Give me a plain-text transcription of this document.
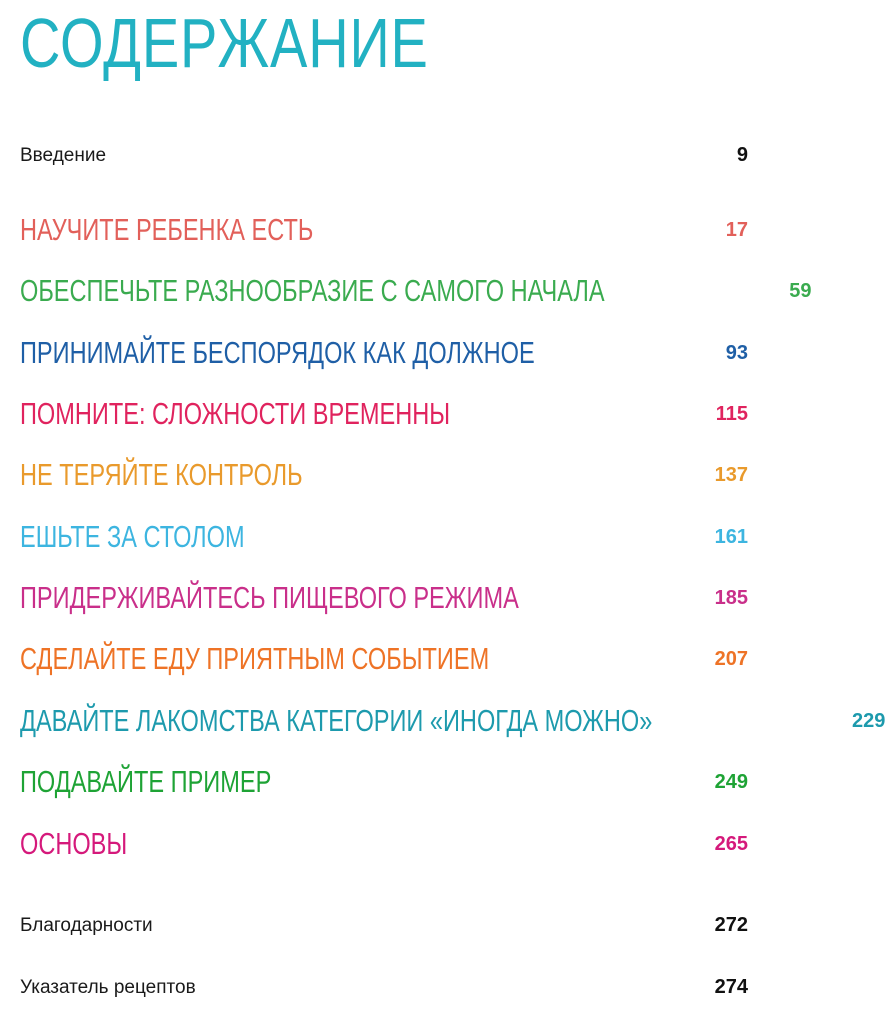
СОДЕРЖАНИЕ
Введение	9
НАУЧИТЕ РЕБЕНКА ЕСТЬ	17
ОБЕСПЕЧЬТЕ РАЗНООБРАЗИЕ С САМОГО НАЧАЛА	59
ПРИНИМАЙТЕ БЕСПОРЯДОК КАК ДОЛЖНОЕ	93
ПОМНИТЕ: СЛОЖНОСТИ ВРЕМЕННЫ	115
НЕ ТЕРЯЙТЕ КОНТРОЛЬ	137
ЕШЬТЕ ЗА СТОЛОМ	161
ПРИДЕРЖИВАЙТЕСЬ ПИЩЕВОГО РЕЖИМА	185
СДЕЛАЙТЕ ЕДУ ПРИЯТНЫМ СОБЫТИЕМ	207
ДАВАЙТЕ ЛАКОМСТВА КАТЕГОРИИ «ИНОГДА МОЖНО»	229
ПОДАВАЙТЕ ПРИМЕР	249
ОСНОВЫ	265
Благодарности	272
Указатель рецептов	274
